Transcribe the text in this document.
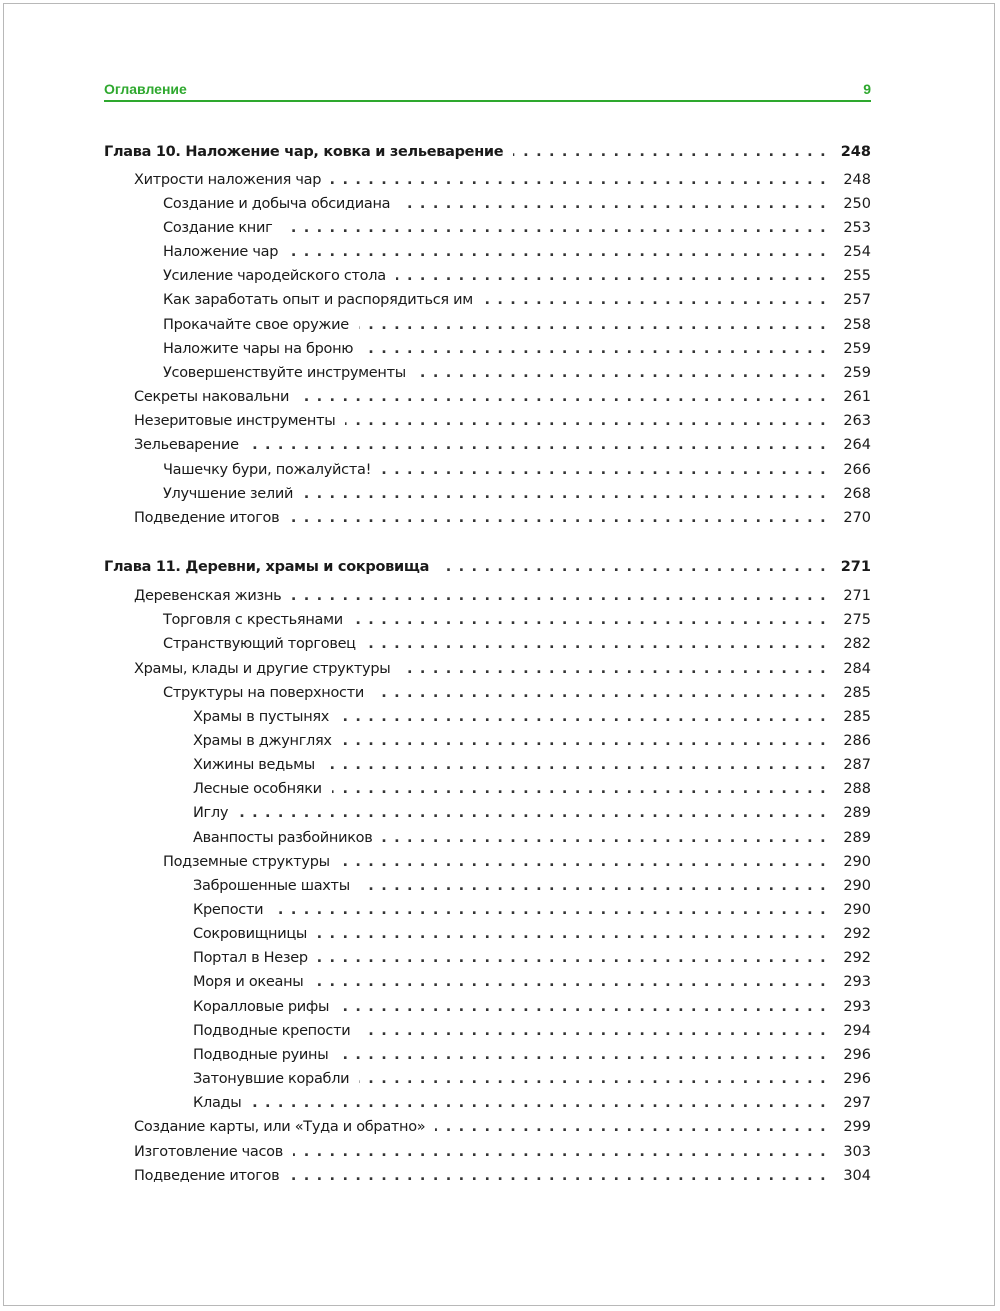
Оглавление	9
Глава 10. Наложение чар, ковка и зельеварение .....	248
Хитрости наложения чар .....	248
Создание и добыча обсидиана .....	250
Создание книг .....	253
Наложение чар .....	254
Усиление чародейского стола .....	255
Как заработать опыт и распорядиться им .....	257
Прокачайте свое оружие .....	258
Наложите чары на броню .....	259
Усовершенствуйте инструменты .....	259
Секреты наковальни .....	261
Незеритовые инструменты .....	263
Зельеварение .....	264
Чашечку бури, пожалуйста! .....	266
Улучшение зелий .....	268
Подведение итогов .....	270
Глава 11. Деревни, храмы и сокровища .....	271
Деревенская жизнь .....	271
Торговля с крестьянами .....	275
Странствующий торговец .....	282
Храмы, клады и другие структуры .....	284
Структуры на поверхности .....	285
Храмы в пустынях .....	285
Храмы в джунглях .....	286
Хижины ведьмы .....	287
Лесные особняки .....	288
Иглу .....	289
Аванпосты разбойников .....	289
Подземные структуры .....	290
Заброшенные шахты .....	290
Крепости .....	290
Сокровищницы .....	292
Портал в Незер .....	292
Моря и океаны .....	293
Коралловые рифы .....	293
Подводные крепости .....	294
Подводные руины .....	296
Затонувшие корабли .....	296
Клады .....	297
Создание карты, или «Туда и обратно» .....	299
Изготовление часов .....	303
Подведение итогов .....	304
